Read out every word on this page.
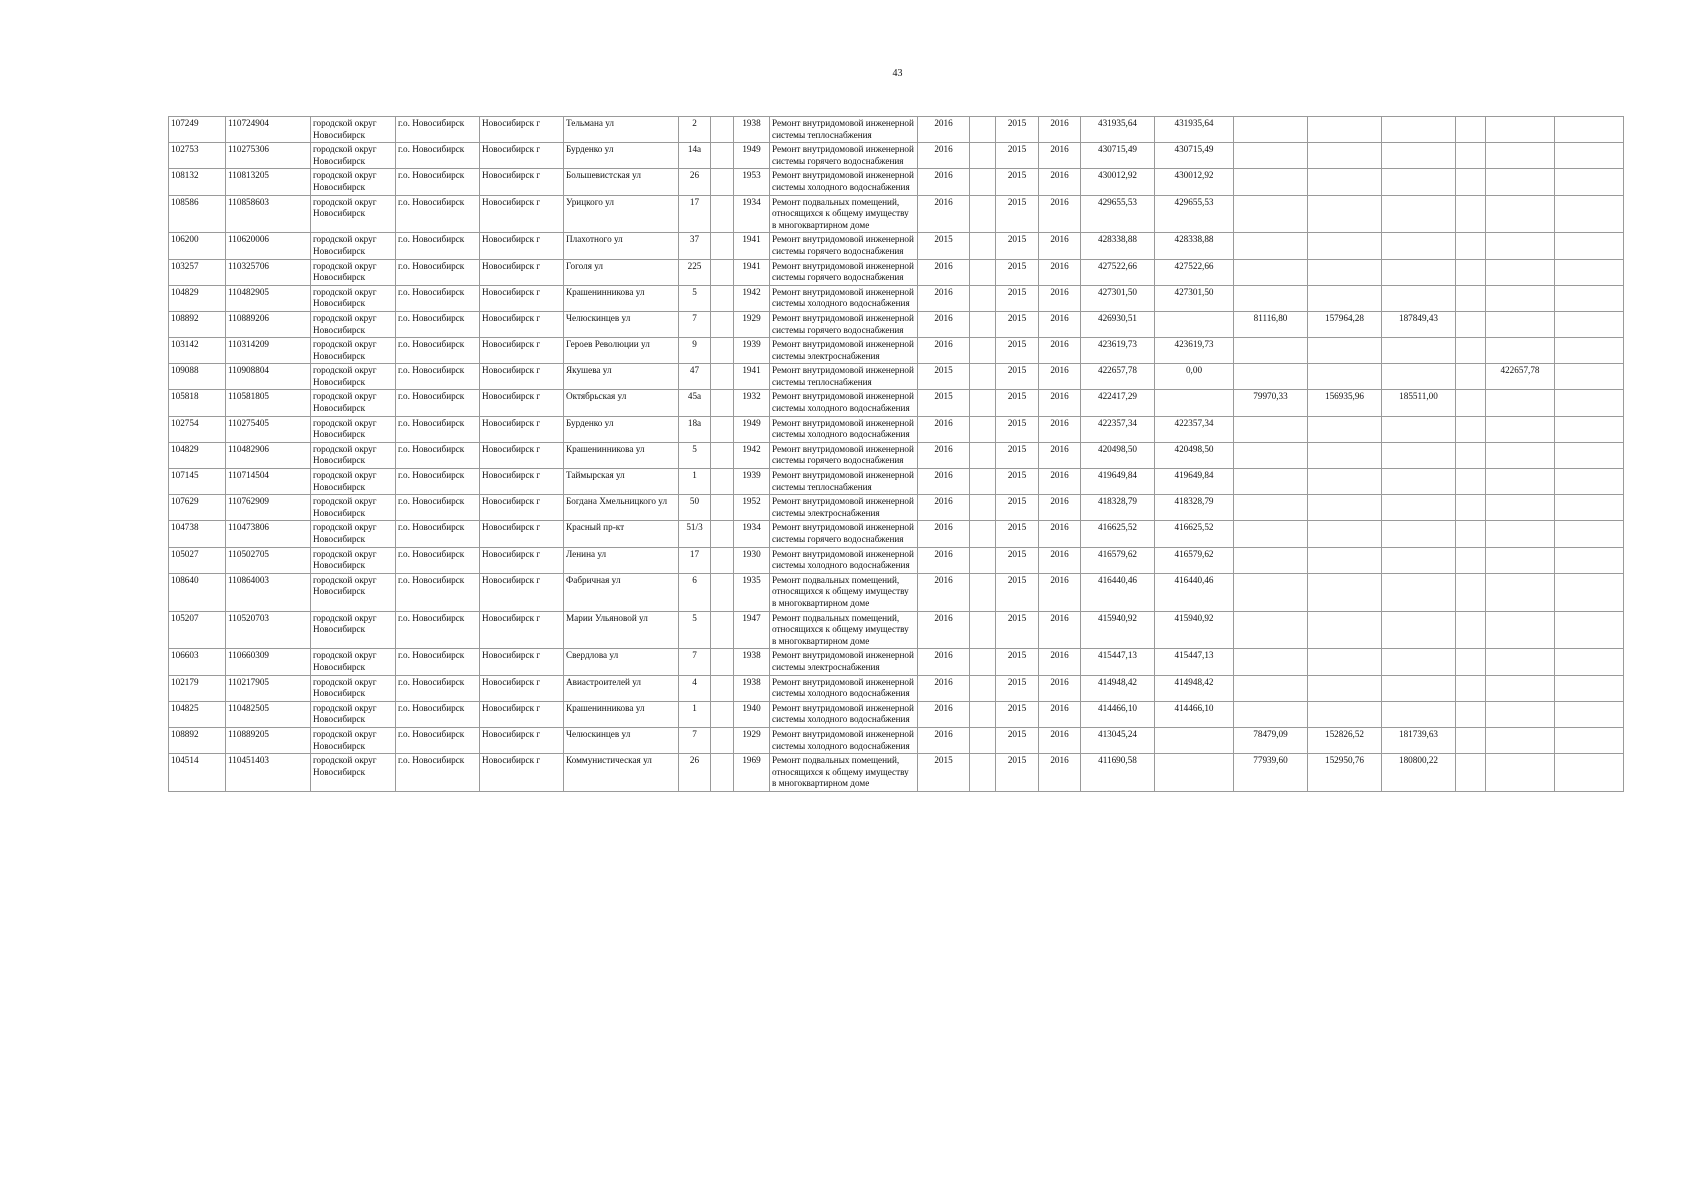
43
107249	110724904	городской округ Новосибирск	г.о. Новосибирск	Новосибирск г	Тельмана ул	2		1938	Ремонт внутридомовой инженерной системы теплоснабжения	2016		2015	2016	431935,64	431935,64						
102753	110275306	городской округ Новосибирск	г.о. Новосибирск	Новосибирск г	Бурденко ул	14а		1949	Ремонт внутридомовой инженерной системы горячего водоснабжения	2016		2015	2016	430715,49	430715,49						
108132	110813205	городской округ Новосибирск	г.о. Новосибирск	Новосибирск г	Большевистская ул	26		1953	Ремонт внутридомовой инженерной системы холодного водоснабжения	2016		2015	2016	430012,92	430012,92						
108586	110858603	городской округ Новосибирск	г.о. Новосибирск	Новосибирск г	Урицкого ул	17		1934	Ремонт подвальных помещений, относящихся к общему имуществу в многоквартирном доме	2016		2015	2016	429655,53	429655,53						
106200	110620006	городской округ Новосибирск	г.о. Новосибирск	Новосибирск г	Плахотного ул	37		1941	Ремонт внутридомовой инженерной системы горячего водоснабжения	2015		2015	2016	428338,88	428338,88						
103257	110325706	городской округ Новосибирск	г.о. Новосибирск	Новосибирск г	Гоголя ул	225		1941	Ремонт внутридомовой инженерной системы горячего водоснабжения	2016		2015	2016	427522,66	427522,66						
104829	110482905	городской округ Новосибирск	г.о. Новосибирск	Новосибирск г	Крашенинникова ул	5		1942	Ремонт внутридомовой инженерной системы холодного водоснабжения	2016		2015	2016	427301,50	427301,50						
108892	110889206	городской округ Новосибирск	г.о. Новосибирск	Новосибирск г	Челюскинцев ул	7		1929	Ремонт внутридомовой инженерной системы горячего водоснабжения	2016		2015	2016	426930,51		81116,80	157964,28	187849,43			
103142	110314209	городской округ Новосибирск	г.о. Новосибирск	Новосибирск г	Героев Революции ул	9		1939	Ремонт внутридомовой инженерной системы электроснабжения	2016		2015	2016	423619,73	423619,73						
109088	110908804	городской округ Новосибирск	г.о. Новосибирск	Новосибирск г	Якушева ул	47		1941	Ремонт внутридомовой инженерной системы теплоснабжения	2015		2015	2016	422657,78	0,00					422657,78	
105818	110581805	городской округ Новосибирск	г.о. Новосибирск	Новосибирск г	Октябрьская ул	45а		1932	Ремонт внутридомовой инженерной системы холодного водоснабжения	2015		2015	2016	422417,29		79970,33	156935,96	185511,00			
102754	110275405	городской округ Новосибирск	г.о. Новосибирск	Новосибирск г	Бурденко ул	18а		1949	Ремонт внутридомовой инженерной системы холодного водоснабжения	2016		2015	2016	422357,34	422357,34						
104829	110482906	городской округ Новосибирск	г.о. Новосибирск	Новосибирск г	Крашенинникова ул	5		1942	Ремонт внутридомовой инженерной системы горячего водоснабжения	2016		2015	2016	420498,50	420498,50						
107145	110714504	городской округ Новосибирск	г.о. Новосибирск	Новосибирск г	Таймырская ул	1		1939	Ремонт внутридомовой инженерной системы теплоснабжения	2016		2015	2016	419649,84	419649,84						
107629	110762909	городской округ Новосибирск	г.о. Новосибирск	Новосибирск г	Богдана Хмельницкого ул	50		1952	Ремонт внутридомовой инженерной системы электроснабжения	2016		2015	2016	418328,79	418328,79						
104738	110473806	городской округ Новосибирск	г.о. Новосибирск	Новосибирск г	Красный пр-кт	51/3		1934	Ремонт внутридомовой инженерной системы горячего водоснабжения	2016		2015	2016	416625,52	416625,52						
105027	110502705	городской округ Новосибирск	г.о. Новосибирск	Новосибирск г	Ленина ул	17		1930	Ремонт внутридомовой инженерной системы холодного водоснабжения	2016		2015	2016	416579,62	416579,62						
108640	110864003	городской округ Новосибирск	г.о. Новосибирск	Новосибирск г	Фабричная ул	6		1935	Ремонт подвальных помещений, относящихся к общему имуществу в многоквартирном доме	2016		2015	2016	416440,46	416440,46						
105207	110520703	городской округ Новосибирск	г.о. Новосибирск	Новосибирск г	Марии Ульяновой ул	5		1947	Ремонт подвальных помещений, относящихся к общему имуществу в многоквартирном доме	2016		2015	2016	415940,92	415940,92						
106603	110660309	городской округ Новосибирск	г.о. Новосибирск	Новосибирск г	Свердлова ул	7		1938	Ремонт внутридомовой инженерной системы электроснабжения	2016		2015	2016	415447,13	415447,13						
102179	110217905	городской округ Новосибирск	г.о. Новосибирск	Новосибирск г	Авиастроителей ул	4		1938	Ремонт внутридомовой инженерной системы холодного водоснабжения	2016		2015	2016	414948,42	414948,42						
104825	110482505	городской округ Новосибирск	г.о. Новосибирск	Новосибирск г	Крашенинникова ул	1		1940	Ремонт внутридомовой инженерной системы холодного водоснабжения	2016		2015	2016	414466,10	414466,10						
108892	110889205	городской округ Новосибирск	г.о. Новосибирск	Новосибирск г	Челюскинцев ул	7		1929	Ремонт внутридомовой инженерной системы холодного водоснабжения	2016		2015	2016	413045,24		78479,09	152826,52	181739,63			
104514	110451403	городской округ Новосибирск	г.о. Новосибирск	Новосибирск г	Коммунистическая ул	26		1969	Ремонт подвальных помещений, относящихся к общему имуществу в многоквартирном доме	2015		2015	2016	411690,58		77939,60	152950,76	180800,22			
